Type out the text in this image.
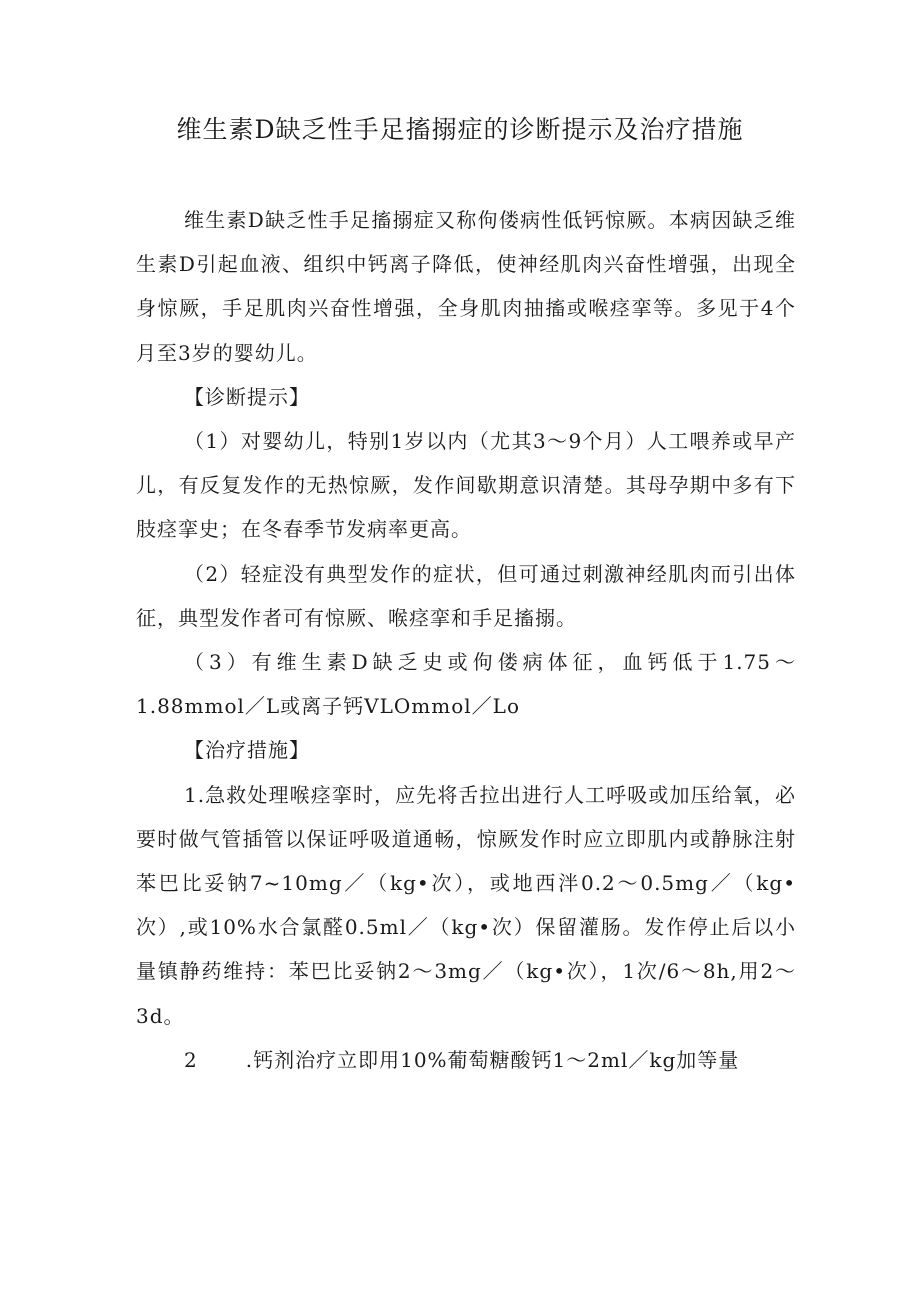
维生素D缺乏性手足搐搦症的诊断提示及治疗措施

维生素D缺乏性手足搐搦症又称佝偻病性低钙惊厥。本病因缺乏维生素D引起血液、组织中钙离子降低，使神经肌肉兴奋性增强，出现全身惊厥，手足肌肉兴奋性增强，全身肌肉抽搐或喉痉挛等。多见于4个月至3岁的婴幼儿。

【诊断提示】

（1）对婴幼儿，特别1岁以内（尤其3～9个月）人工喂养或早产儿，有反复发作的无热惊厥，发作间歇期意识清楚。其母孕期中多有下肢痉挛史；在冬春季节发病率更高。

（2）轻症没有典型发作的症状，但可通过刺激神经肌肉而引出体征，典型发作者可有惊厥、喉痉挛和手足搐搦。

（3）有维生素D缺乏史或佝偻病体征，血钙低于1.75～1.88mmol／L或离子钙VLOmmol／Lo

【治疗措施】

1.急救处理喉痉挛时，应先将舌拉出进行人工呼吸或加压给氧，必要时做气管插管以保证呼吸道通畅，惊厥发作时应立即肌内或静脉注射苯巴比妥钠7~10mg／（kg•次），或地西泮0.2～0.5mg／（kg•次）,或10%水合氯醛0.5ml／（kg•次）保留灌肠。发作停止后以小量镇静药维持：苯巴比妥钠2～3mg／（kg•次），1次/6～8h,用2～3d。

2 .钙剂治疗立即用10%葡萄糖酸钙1～2ml／kg加等量
